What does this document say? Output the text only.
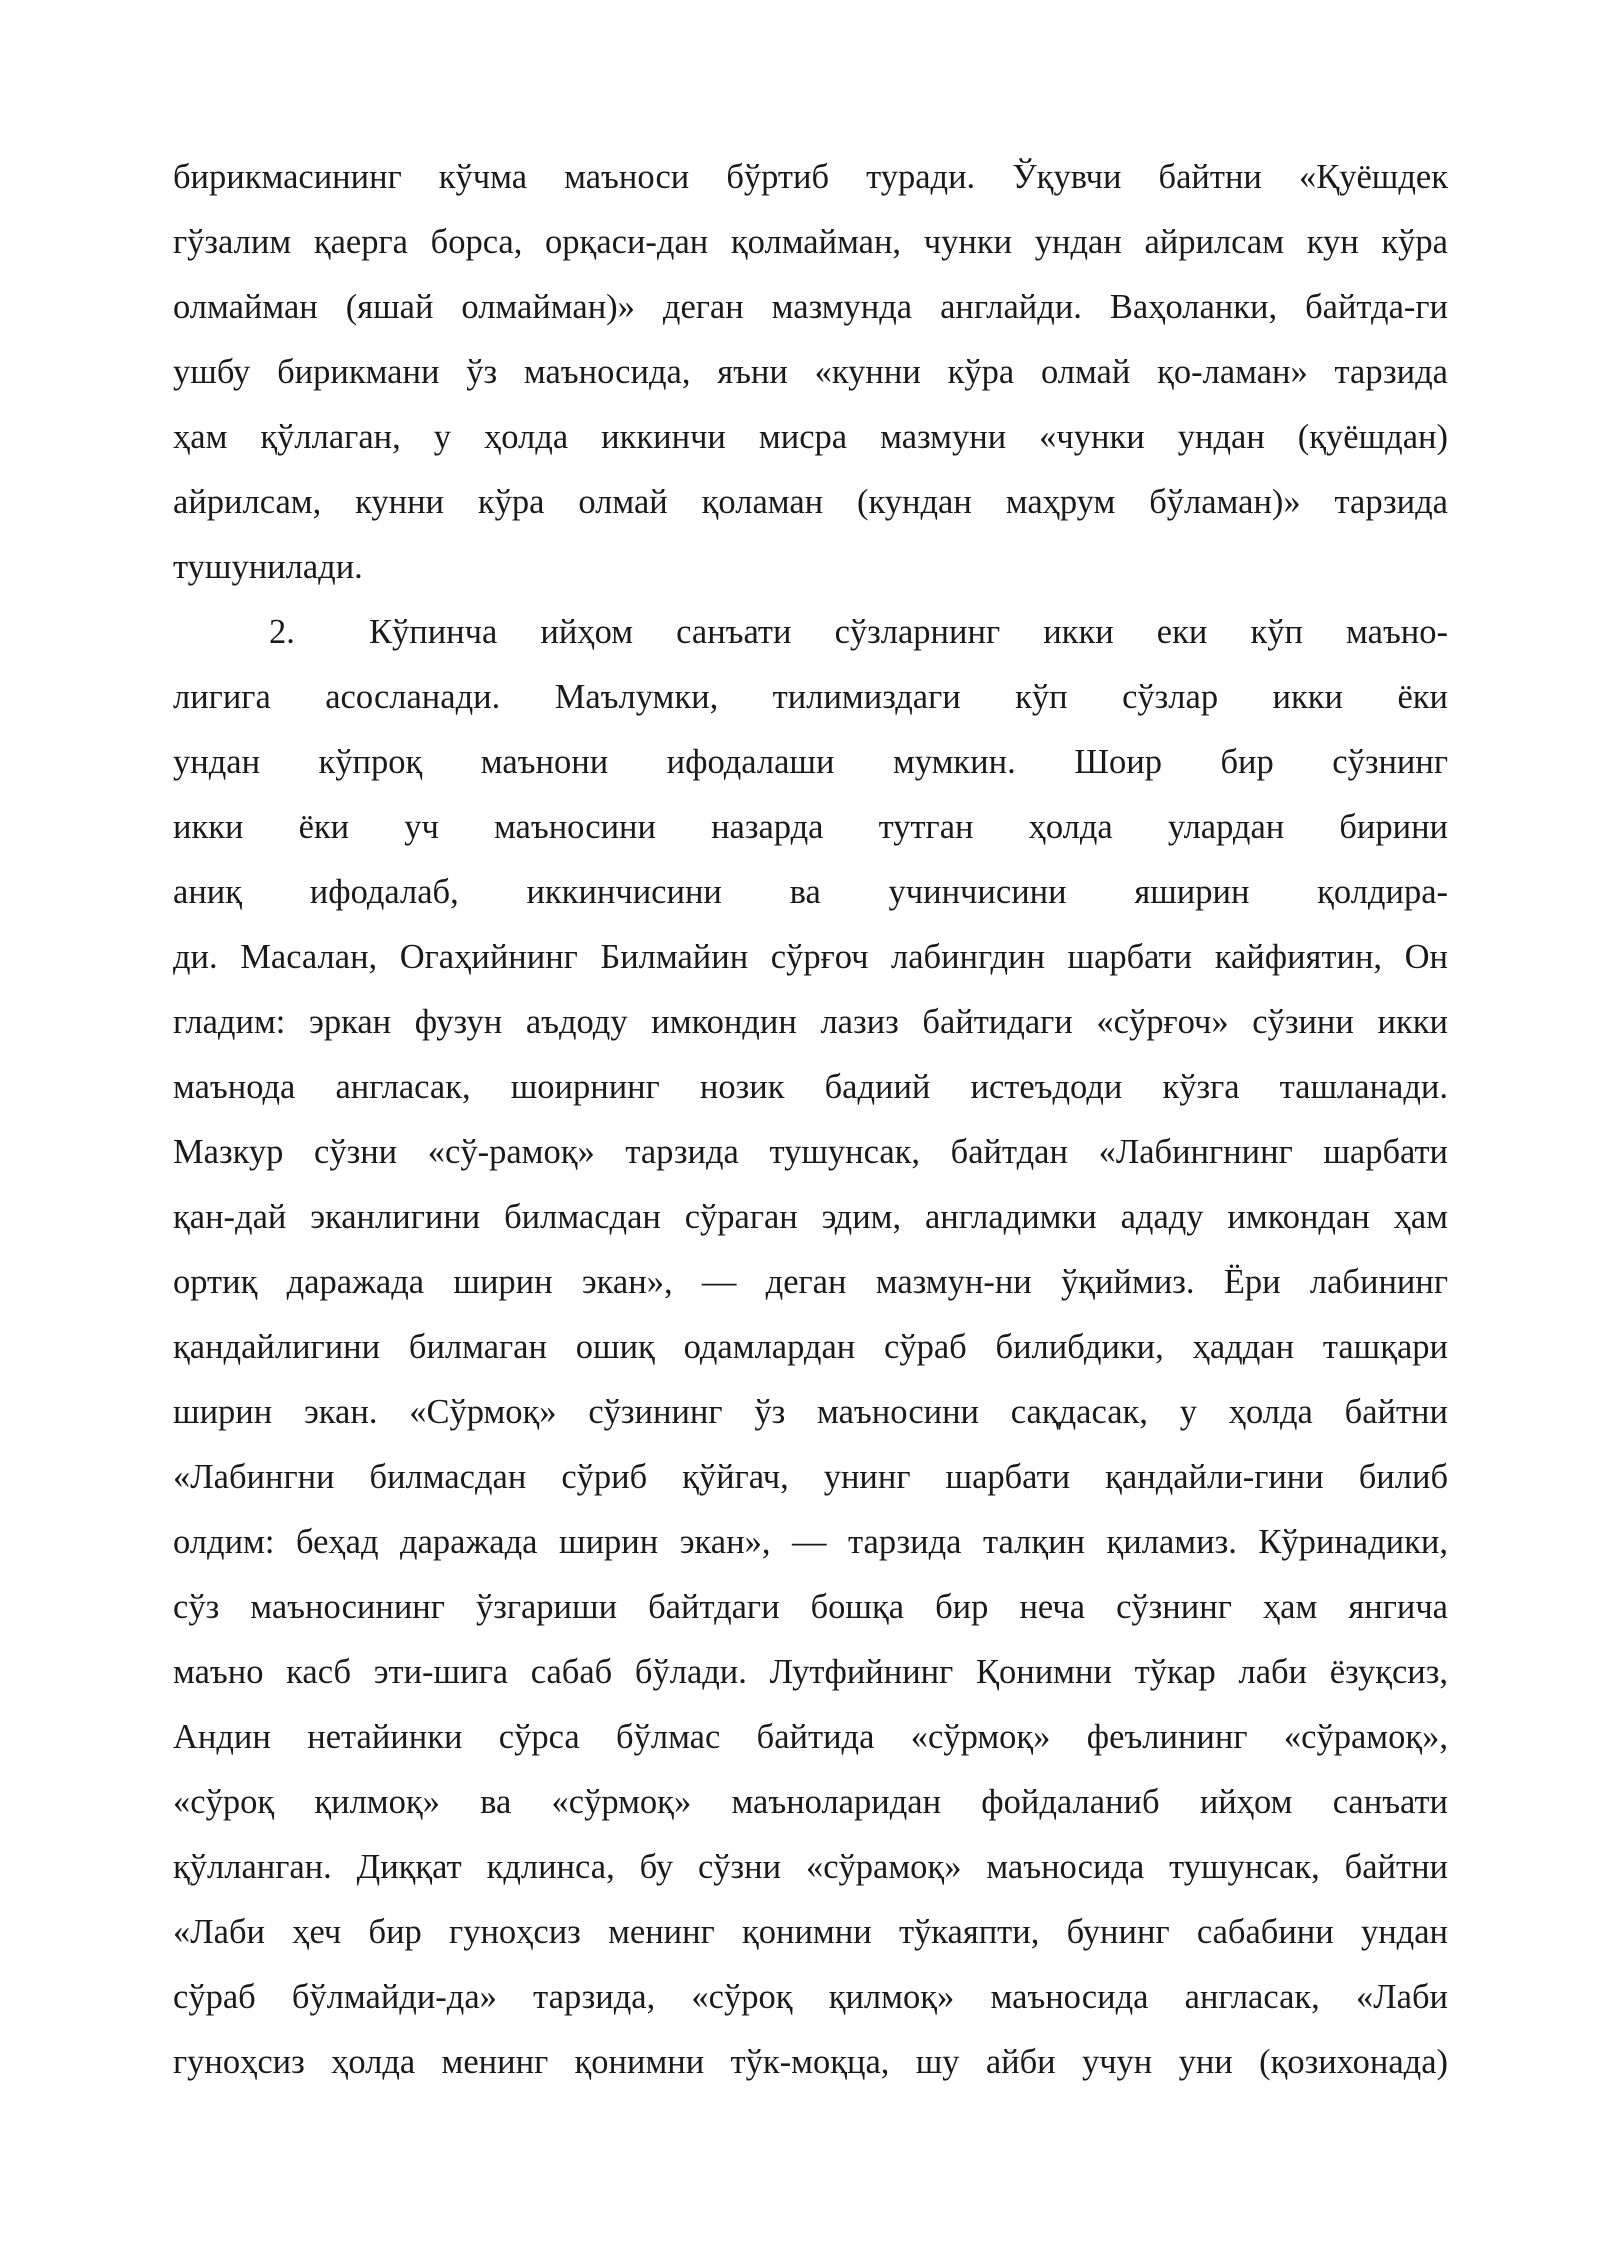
бирикмасининг кўчма маъноси бўртиб туради. Ўқувчи байтни «Қуёшдек
гўзалим қаерга борса, орқаси-дан қолмайман, чунки ундан айрилсам кун кўра
олмайман (яшай олмайман)» деган мазмунда англайди. Ваҳоланки, байтда-ги
ушбу бирикмани ўз маъносида, яъни «кунни кўра олмай қо-ламан» тарзида
ҳам қўллаган, у ҳолда иккинчи мисра мазмуни «чунки ундан (қуёшдан)
айрилсам, кунни кўра олмай қоламан (кундан маҳрум бўламан)» тарзида
тушунилади.
2. Кўпинча ийҳом санъати сўзларнинг икки еки кўп маъно-
лигига асосланади. Маълумки, тилимиздаги кўп сўзлар икки ёки
ундан кўпроқ маънони ифодалаши мумкин. Шоир бир сўзнинг
икки ёки уч маъносини назарда тутган ҳолда улардан бирини
аниқ ифодалаб, иккинчисини ва учинчисини яширин қолдира-
ди. Масалан, Огаҳийнинг Билмайин сўрғоч лабингдин шарбати кайфиятин, Он
гладим: эркан фузун аъдоду имкондин лазиз байтидаги «сўрғоч» сўзини икки
маънода англасак, шоирнинг нозик бадиий истеъдоди кўзга ташланади.
Мазкур сўзни «сў-рамоқ» тарзида тушунсак, байтдан «Лабингнинг шарбати
қан-дай эканлигини билмасдан сўраган эдим, англадимки ададу имкондан ҳам
ортиқ даражада ширин экан», — деган мазмун-ни ўқиймиз. Ёри лабининг
қандайлигини билмаган ошиқ одамлардан сўраб билибдики, ҳаддан ташқари
ширин экан. «Сўрмоқ» сўзининг ўз маъносини сақдасак, у ҳолда байтни
«Лабингни билмасдан сўриб қўйгач, унинг шарбати қандайли-гини билиб
олдим: беҳад даражада ширин экан», — тарзида талқин қиламиз. Кўринадики,
сўз маъносининг ўзгариши байтдаги бошқа бир неча сўзнинг ҳам янгича
маъно касб эти-шига сабаб бўлади. Лутфийнинг Қонимни тўкар лаби ёзуқсиз,
Андин нетайинки сўрса бўлмас байтида «сўрмоқ» феълининг «сўрамоқ»,
«сўроқ қилмоқ» ва «сўрмоқ» маъноларидан фойдаланиб ийҳом санъати
қўлланган. Диққат кдлинса, бу сўзни «сўрамоқ» маъносида тушунсак, байтни
«Лаби ҳеч бир гуноҳсиз менинг қонимни тўкаяпти, бунинг сабабини ундан
сўраб бўлмайди-да» тарзида, «сўроқ қилмоқ» маъносида англасак, «Лаби
гуноҳсиз ҳолда менинг қонимни тўк-моқца, шу айби учун уни (қозихонада)
